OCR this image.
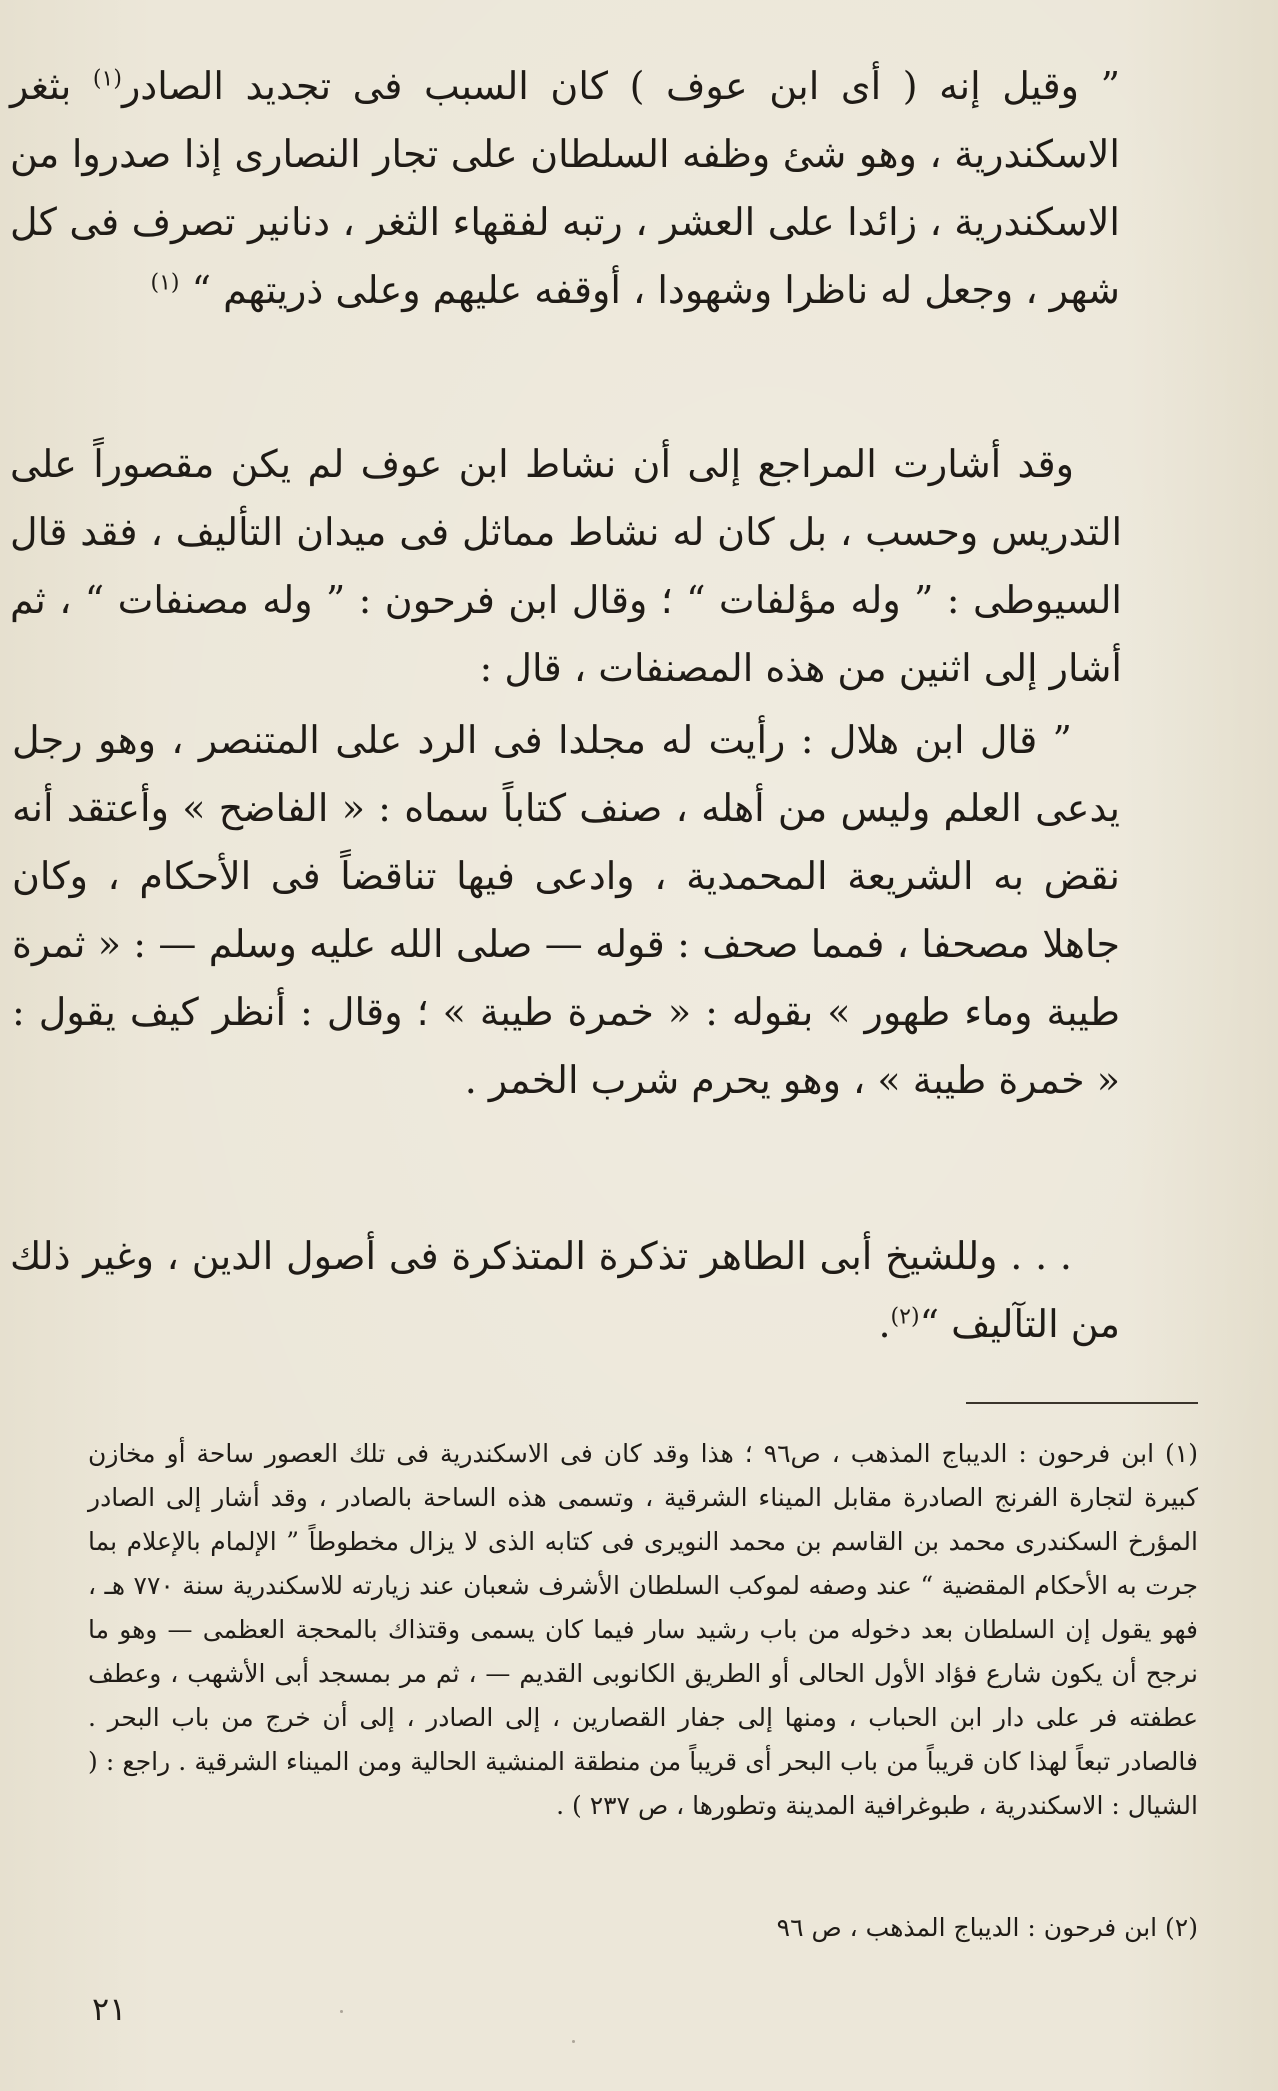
” وقيل إنه ( أى ابن عوف ) كان السبب فى تجديد الصادر$^{(١)}$ بثغر الاسكندرية ، وهو شئ وظفه السلطان على تجار النصارى إذا صدروا من الاسكندرية ، زائدا على العشر ، رتبه لفقهاء الثغر ، دنانير تصرف فى كل شهر ، وجعل له ناظرا وشهودا ، أوقفه عليهم وعلى ذريتهم “ $^{(١)}$

وقد أشارت المراجع إلى أن نشاط ابن عوف لم يكن مقصوراً على التدريس وحسب ، بل كان له نشاط مماثل فى ميدان التأليف ، فقد قال السيوطى : ” وله مؤلفات “ ؛ وقال ابن فرحون : ” وله مصنفات “ ، ثم أشار إلى اثنين من هذه المصنفات ، قال :

” قال ابن هلال : رأيت له مجلدا فى الرد على المتنصر ، وهو رجل يدعى العلم وليس من أهله ، صنف كتاباً سماه : « الفاضح » وأعتقد أنه نقض به الشريعة المحمدية ، وادعى فيها تناقضاً فى الأحكام ، وكان جاهلا مصحفا ، فمما صحف : قوله — صلى الله عليه وسلم — : « ثمرة طيبة وماء طهور » بقوله : « خمرة طيبة » ؛ وقال : أنظر كيف يقول : « خمرة طيبة » ، وهو يحرم شرب الخمر .

. . . وللشيخ أبى الطاهر تذكرة المتذكرة فى أصول الدين ، وغير ذلك من التآليف “$^{(٢)}$.

(١) ابن فرحون : الديباج المذهب ، ص٩٦ ؛ هذا وقد كان فى الاسكندرية فى تلك العصور ساحة أو مخازن كبيرة لتجارة الفرنج الصادرة مقابل الميناء الشرقية ، وتسمى هذه الساحة بالصادر ، وقد أشار إلى الصادر المؤرخ السكندرى محمد بن القاسم بن محمد النويرى فى كتابه الذى لا يزال مخطوطاً ” الإلمام بالإعلام بما جرت به الأحكام المقضية “ عند وصفه لموكب السلطان الأشرف شعبان عند زيارته للاسكندرية سنة ٧٧٠ هـ ، فهو يقول إن السلطان بعد دخوله من باب رشيد سار فيما كان يسمى وقتذاك بالمحجة العظمى — وهو ما نرجح أن يكون شارع فؤاد الأول الحالى أو الطريق الكانوبى القديم — ، ثم مر بمسجد أبى الأشهب ، وعطف عطفته فر على دار ابن الحباب ، ومنها إلى جفار القصارين ، إلى الصادر ، إلى أن خرج من باب البحر . فالصادر تبعاً لهذا كان قريباً من باب البحر أى قريباً من منطقة المنشية الحالية ومن الميناء الشرقية . راجع : ( الشيال : الاسكندرية ، طبوغرافية المدينة وتطورها ، ص ٢٣٧ ) .

(٢) ابن فرحون : الديباج المذهب ، ص ٩٦

٢١
